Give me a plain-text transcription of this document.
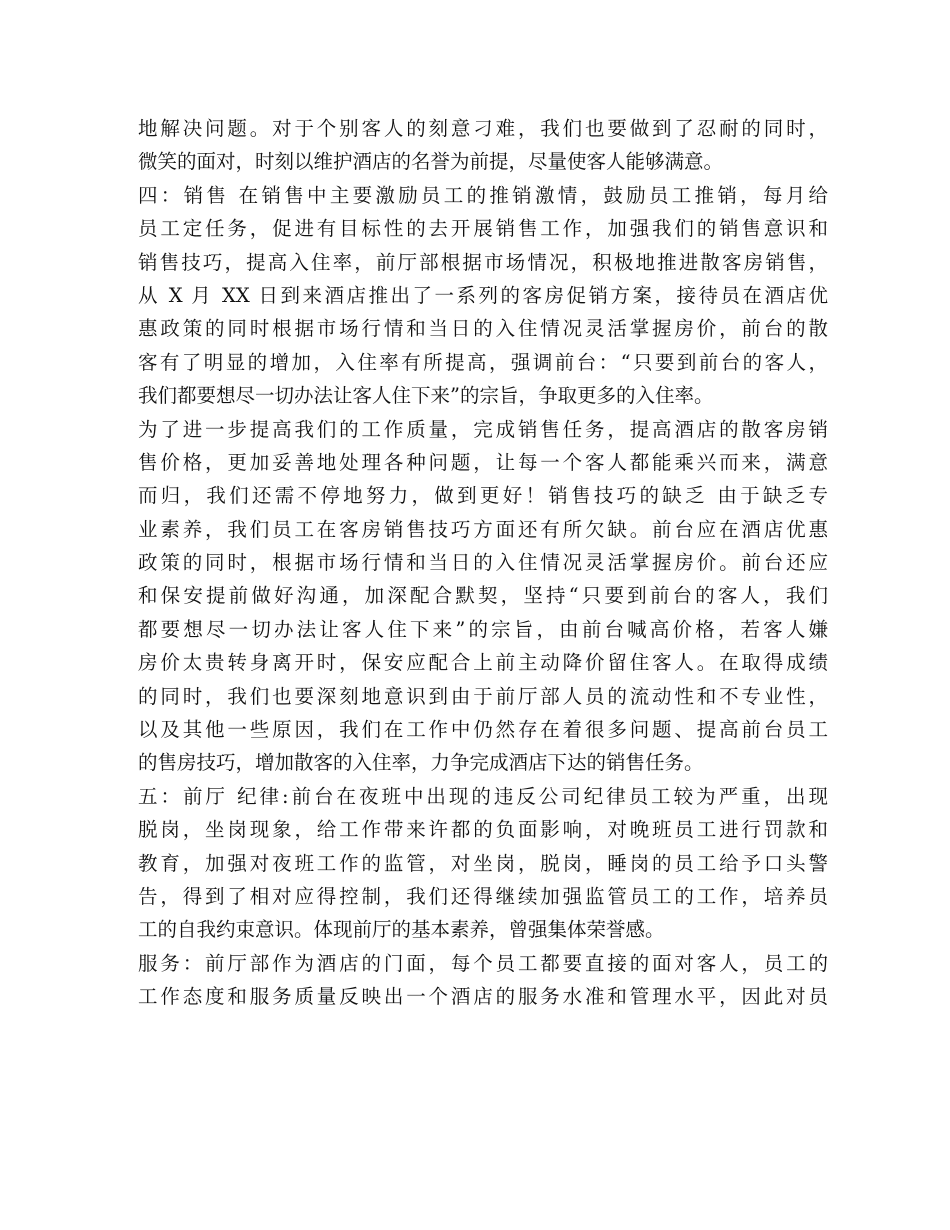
地解决问题。对于个别客人的刻意刁难，我们也要做到了忍耐的同时，
微笑的面对，时刻以维护酒店的名誉为前提，尽量使客人能够满意。
四：销售 在销售中主要激励员工的推销激情，鼓励员工推销，每月给
员工定任务，促进有目标性的去开展销售工作，加强我们的销售意识和
销售技巧，提高入住率，前厅部根据市场情况，积极地推进散客房销售，
从 X 月 XX 日到来酒店推出了一系列的客房促销方案，接待员在酒店优
惠政策的同时根据市场行情和当日的入住情况灵活掌握房价，前台的散
客有了明显的增加，入住率有所提高，强调前台：“只要到前台的客人，
我们都要想尽一切办法让客人住下来”的宗旨，争取更多的入住率。
为了进一步提高我们的工作质量，完成销售任务，提高酒店的散客房销
售价格，更加妥善地处理各种问题，让每一个客人都能乘兴而来，满意
而归，我们还需不停地努力，做到更好！销售技巧的缺乏 由于缺乏专
业素养，我们员工在客房销售技巧方面还有所欠缺。前台应在酒店优惠
政策的同时，根据市场行情和当日的入住情况灵活掌握房价。前台还应
和保安提前做好沟通，加深配合默契，坚持“只要到前台的客人，我们
都要想尽一切办法让客人住下来”的宗旨，由前台喊高价格，若客人嫌
房价太贵转身离开时，保安应配合上前主动降价留住客人。在取得成绩
的同时，我们也要深刻地意识到由于前厅部人员的流动性和不专业性，
以及其他一些原因，我们在工作中仍然存在着很多问题、提高前台员工
的售房技巧，增加散客的入住率，力争完成酒店下达的销售任务。
五：前厅 纪律:前台在夜班中出现的违反公司纪律员工较为严重，出现
脱岗，坐岗现象，给工作带来许都的负面影响，对晚班员工进行罚款和
教育，加强对夜班工作的监管，对坐岗，脱岗，睡岗的员工给予口头警
告，得到了相对应得控制，我们还得继续加强监管员工的工作，培养员
工的自我约束意识。体现前厅的基本素养，曾强集体荣誉感。
服务：前厅部作为酒店的门面，每个员工都要直接的面对客人，员工的
工作态度和服务质量反映出一个酒店的服务水准和管理水平，因此对员
